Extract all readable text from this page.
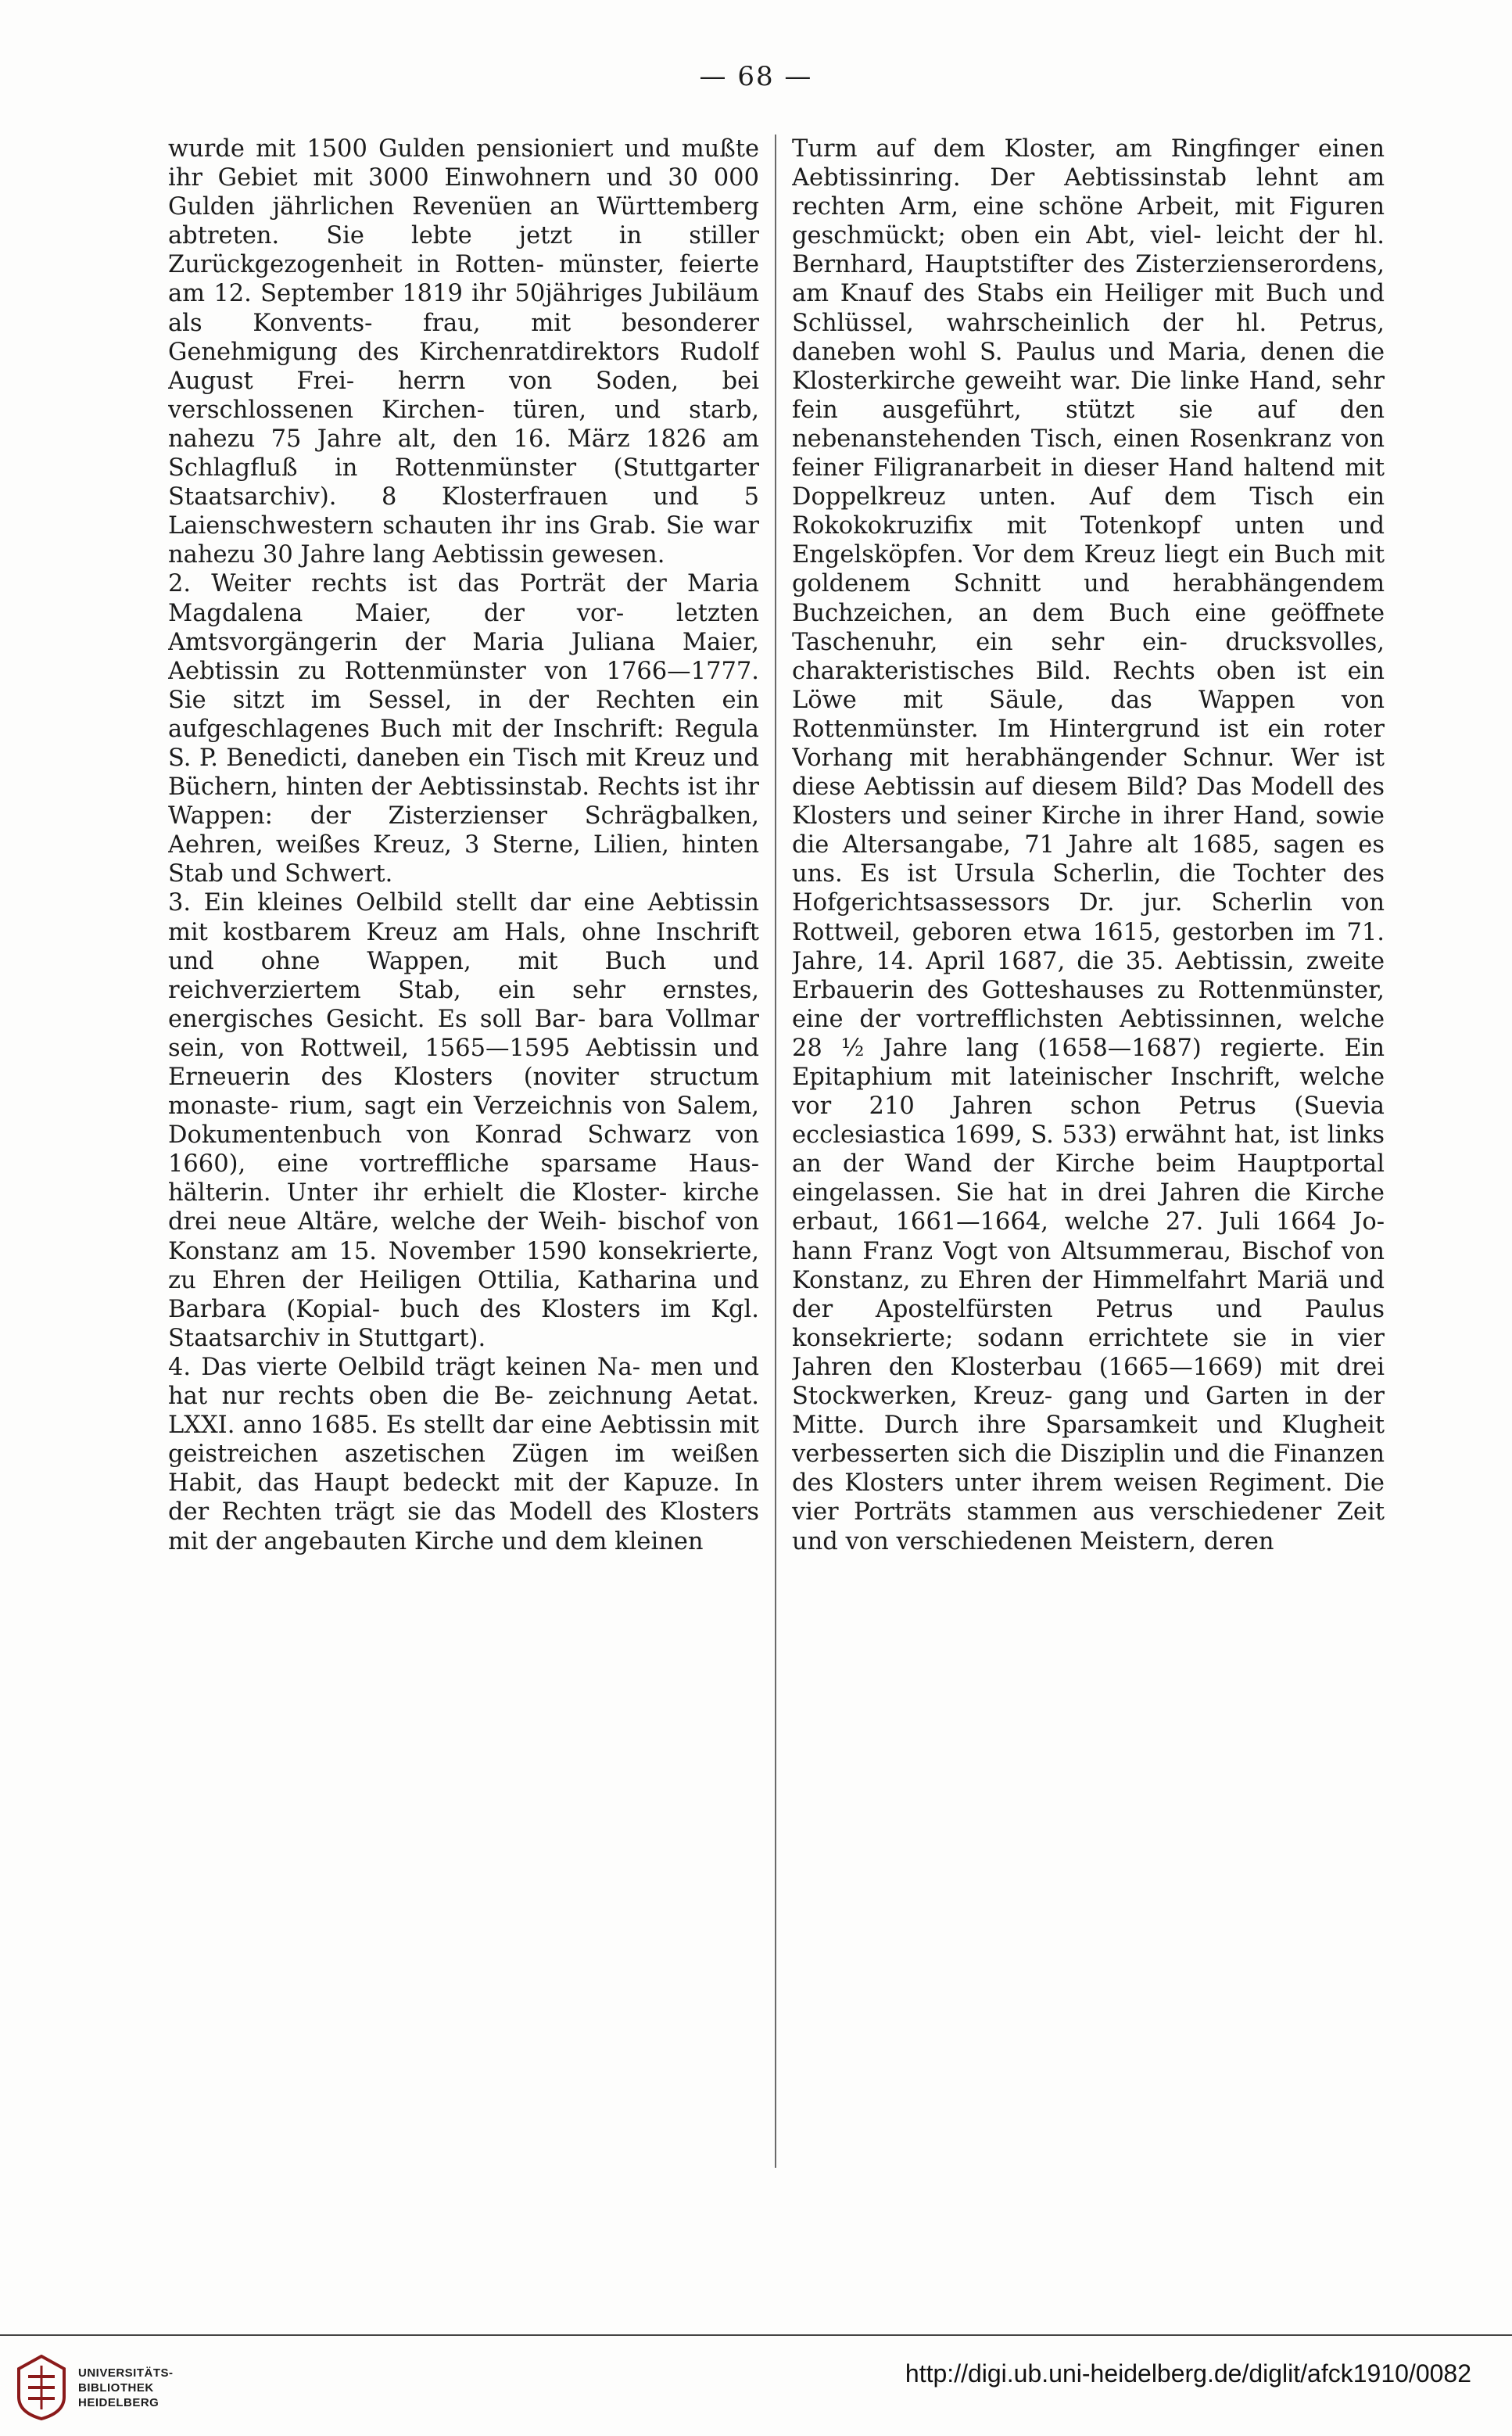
— 68 —

wurde mit 1500 Gulden pensioniert und mußte ihr Gebiet mit 3000 Einwohnern und 30 000 Gulden jährlichen Revenüen an Württemberg abtreten. Sie lebte jetzt in stiller Zurückgezogenheit in Rotten- münster, feierte am 12. September 1819 ihr 50jähriges Jubiläum als Konvents- frau, mit besonderer Genehmigung des Kirchenratdirektors Rudolf August Frei- herrn von Soden, bei verschlossenen Kirchen- türen, und starb, nahezu 75 Jahre alt, den 16. März 1826 am Schlagfluß in Rottenmünster (Stuttgarter Staatsarchiv). 8 Klosterfrauen und 5 Laienschwestern schauten ihr ins Grab. Sie war nahezu 30 Jahre lang Aebtissin gewesen.

2. Weiter rechts ist das Porträt der Maria Magdalena Maier, der vor- letzten Amtsvorgängerin der Maria Juliana Maier, Aebtissin zu Rottenmünster von 1766—1777. Sie sitzt im Sessel, in der Rechten ein aufgeschlagenes Buch mit der Inschrift: Regula S. P. Benedicti, daneben ein Tisch mit Kreuz und Büchern, hinten der Aebtissinstab. Rechts ist ihr Wappen: der Zisterzienser Schrägbalken, Aehren, weißes Kreuz, 3 Sterne, Lilien, hinten Stab und Schwert.

3. Ein kleines Oelbild stellt dar eine Aebtissin mit kostbarem Kreuz am Hals, ohne Inschrift und ohne Wappen, mit Buch und reichverziertem Stab, ein sehr ernstes, energisches Gesicht. Es soll Bar- bara Vollmar sein, von Rottweil, 1565—1595 Aebtissin und Erneuerin des Klosters (noviter structum monaste- rium, sagt ein Verzeichnis von Salem, Dokumentenbuch von Konrad Schwarz von 1660), eine vortreffliche sparsame Haus- hälterin. Unter ihr erhielt die Kloster- kirche drei neue Altäre, welche der Weih- bischof von Konstanz am 15. November 1590 konsekrierte, zu Ehren der Heiligen Ottilia, Katharina und Barbara (Kopial- buch des Klosters im Kgl. Staatsarchiv in Stuttgart).

4. Das vierte Oelbild trägt keinen Na- men und hat nur rechts oben die Be- zeichnung Aetat. LXXI. anno 1685. Es stellt dar eine Aebtissin mit geistreichen aszetischen Zügen im weißen Habit, das Haupt bedeckt mit der Kapuze. In der Rechten trägt sie das Modell des Klosters mit der angebauten Kirche und dem kleinen

Turm auf dem Kloster, am Ringfinger einen Aebtissinring. Der Aebtissinstab lehnt am rechten Arm, eine schöne Arbeit, mit Figuren geschmückt; oben ein Abt, viel- leicht der hl. Bernhard, Hauptstifter des Zisterzienserordens, am Knauf des Stabs ein Heiliger mit Buch und Schlüssel, wahrscheinlich der hl. Petrus, daneben wohl S. Paulus und Maria, denen die Klosterkirche geweiht war. Die linke Hand, sehr fein ausgeführt, stützt sie auf den nebenanstehenden Tisch, einen Rosenkranz von feiner Filigranarbeit in dieser Hand haltend mit Doppelkreuz unten. Auf dem Tisch ein Rokokokruzifix mit Totenkopf unten und Engelsköpfen. Vor dem Kreuz liegt ein Buch mit goldenem Schnitt und herabhängendem Buchzeichen, an dem Buch eine geöffnete Taschenuhr, ein sehr ein- drucksvolles, charakteristisches Bild. Rechts oben ist ein Löwe mit Säule, das Wappen von Rottenmünster. Im Hintergrund ist ein roter Vorhang mit herabhängender Schnur. Wer ist diese Aebtissin auf diesem Bild? Das Modell des Klosters und seiner Kirche in ihrer Hand, sowie die Altersangabe, 71 Jahre alt 1685, sagen es uns. Es ist Ursula Scherlin, die Tochter des Hofgerichtsassessors Dr. jur. Scherlin von Rottweil, geboren etwa 1615, gestorben im 71. Jahre, 14. April 1687, die 35. Aebtissin, zweite Erbauerin des Gotteshauses zu Rottenmünster, eine der vortrefflichsten Aebtissinnen, welche 28 ½ Jahre lang (1658—1687) regierte. Ein Epitaphium mit lateinischer Inschrift, welche vor 210 Jahren schon Petrus (Suevia ecclesiastica 1699, S. 533) erwähnt hat, ist links an der Wand der Kirche beim Hauptportal eingelassen. Sie hat in drei Jahren die Kirche erbaut, 1661—1664, welche 27. Juli 1664 Jo- hann Franz Vogt von Altsummerau, Bischof von Konstanz, zu Ehren der Himmelfahrt Mariä und der Apostelfürsten Petrus und Paulus konsekrierte; sodann errichtete sie in vier Jahren den Klosterbau (1665—1669) mit drei Stockwerken, Kreuz- gang und Garten in der Mitte. Durch ihre Sparsamkeit und Klugheit verbesserten sich die Disziplin und die Finanzen des Klosters unter ihrem weisen Regiment. Die vier Porträts stammen aus verschiedener Zeit und von verschiedenen Meistern, deren

UNIVERSITÄTS-
BIBLIOTHEK
HEIDELBERG
http://digi.ub.uni-heidelberg.de/diglit/afck1910/0082
